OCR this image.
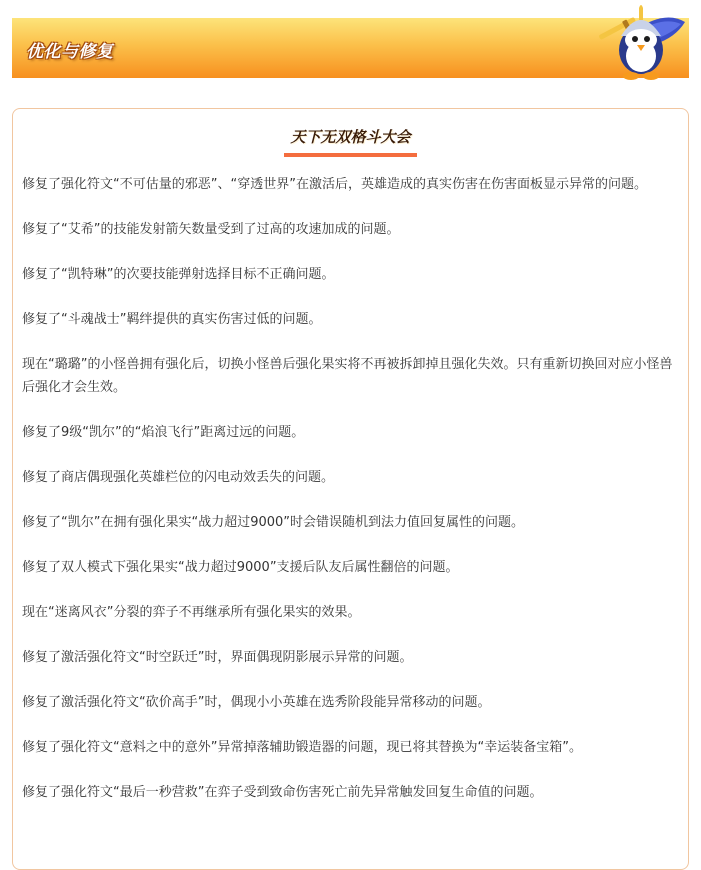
优化与修复
天下无双格斗大会
修复了强化符文“不可估量的邪恶”、“穿透世界”在激活后，英雄造成的真实伤害在伤害面板显示异常的问题。
修复了“艾希”的技能发射箭矢数量受到了过高的攻速加成的问题。
修复了“凯特琳”的次要技能弹射选择目标不正确问题。
修复了“斗魂战士”羁绊提供的真实伤害过低的问题。
现在“璐璐”的小怪兽拥有强化后，切换小怪兽后强化果实将不再被拆卸掉且强化失效。只有重新切换回对应小怪兽后强化才会生效。
修复了9级“凯尔”的“焰浪飞行”距离过远的问题。
修复了商店偶现强化英雄栏位的闪电动效丢失的问题。
修复了“凯尔”在拥有强化果实“战力超过9000”时会错误随机到法力值回复属性的问题。
修复了双人模式下强化果实“战力超过9000”支援后队友后属性翻倍的问题。
现在“迷离风衣”分裂的弈子不再继承所有强化果实的效果。
修复了激活强化符文“时空跃迁”时，界面偶现阴影展示异常的问题。
修复了激活强化符文“砍价高手”时，偶现小小英雄在选秀阶段能异常移动的问题。
修复了强化符文“意料之中的意外”异常掉落辅助锻造器的问题，现已将其替换为“幸运装备宝箱”。
修复了强化符文“最后一秒营救”在弈子受到致命伤害死亡前先异常触发回复生命值的问题。
